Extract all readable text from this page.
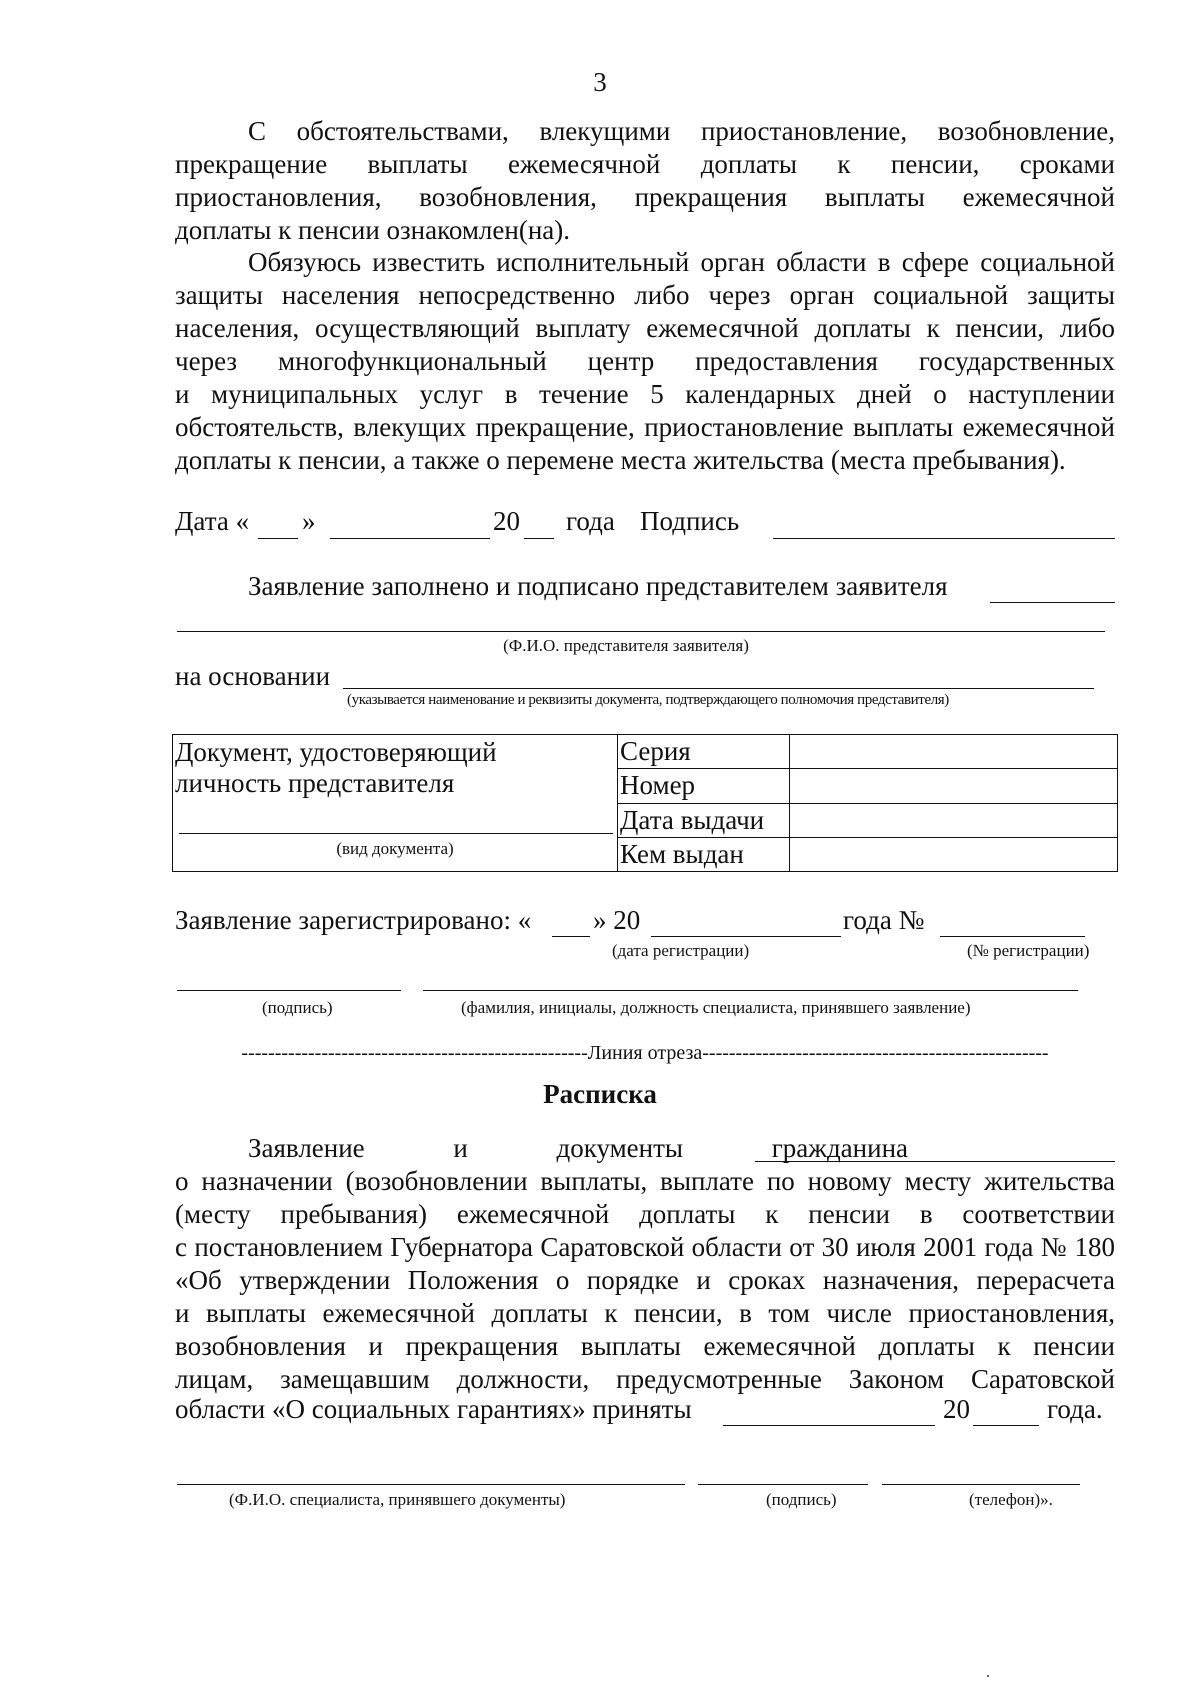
3
С обстоятельствами, влекущими приостановление, возобновление,
прекращение выплаты ежемесячной доплаты к пенсии, сроками
приостановления, возобновления, прекращения выплаты ежемесячной
доплаты к пенсии ознакомлен(на).
Обязуюсь известить исполнительный орган области в сфере социальной
защиты населения непосредственно либо через орган социальной защиты
населения, осуществляющий выплату ежемесячной доплаты к пенсии, либо
через многофункциональный центр предоставления государственных
и муниципальных услуг в течение 5 календарных дней о наступлении
обстоятельств, влекущих прекращение, приостановление выплаты ежемесячной
доплаты к пенсии, а также о перемене места жительства (места пребывания).
Дата « »	20 года Подпись
Заявление заполнено и подписано представителем заявителя
(Ф.И.О. представителя заявителя)
на основании
(указывается наименование и реквизиты документа, подтверждающего полномочия представителя)
Документ, удостоверяющий
личность представителя
(вид документа)	Серия	
	Номер	
	Дата выдачи	
	Кем выдан	
Заявление зарегистрировано: « » 20	года №
(дата регистрации)	(№ регистрации)
(подпись)	(фамилия, инициалы, должность специалиста, принявшего заявление)
----------------------------------------------------Линия отреза----------------------------------------------------
Расписка
Заявление и документы гражданина
о назначении (возобновлении выплаты, выплате по новому месту жительства
(месту пребывания) ежемесячной доплаты к пенсии в соответствии
с постановлением Губернатора Саратовской области от 30 июля 2001 года № 180
«Об утверждении Положения о порядке и сроках назначения, перерасчета
и выплаты ежемесячной доплаты к пенсии, в том числе приостановления,
возобновления и прекращения выплаты ежемесячной доплаты к пенсии
лицам, замещавшим должности, предусмотренные Законом Саратовской
области «О социальных гарантиях» приняты	20	года.
(Ф.И.О. специалиста, принявшего документы)	(подпись)	(телефон)».
